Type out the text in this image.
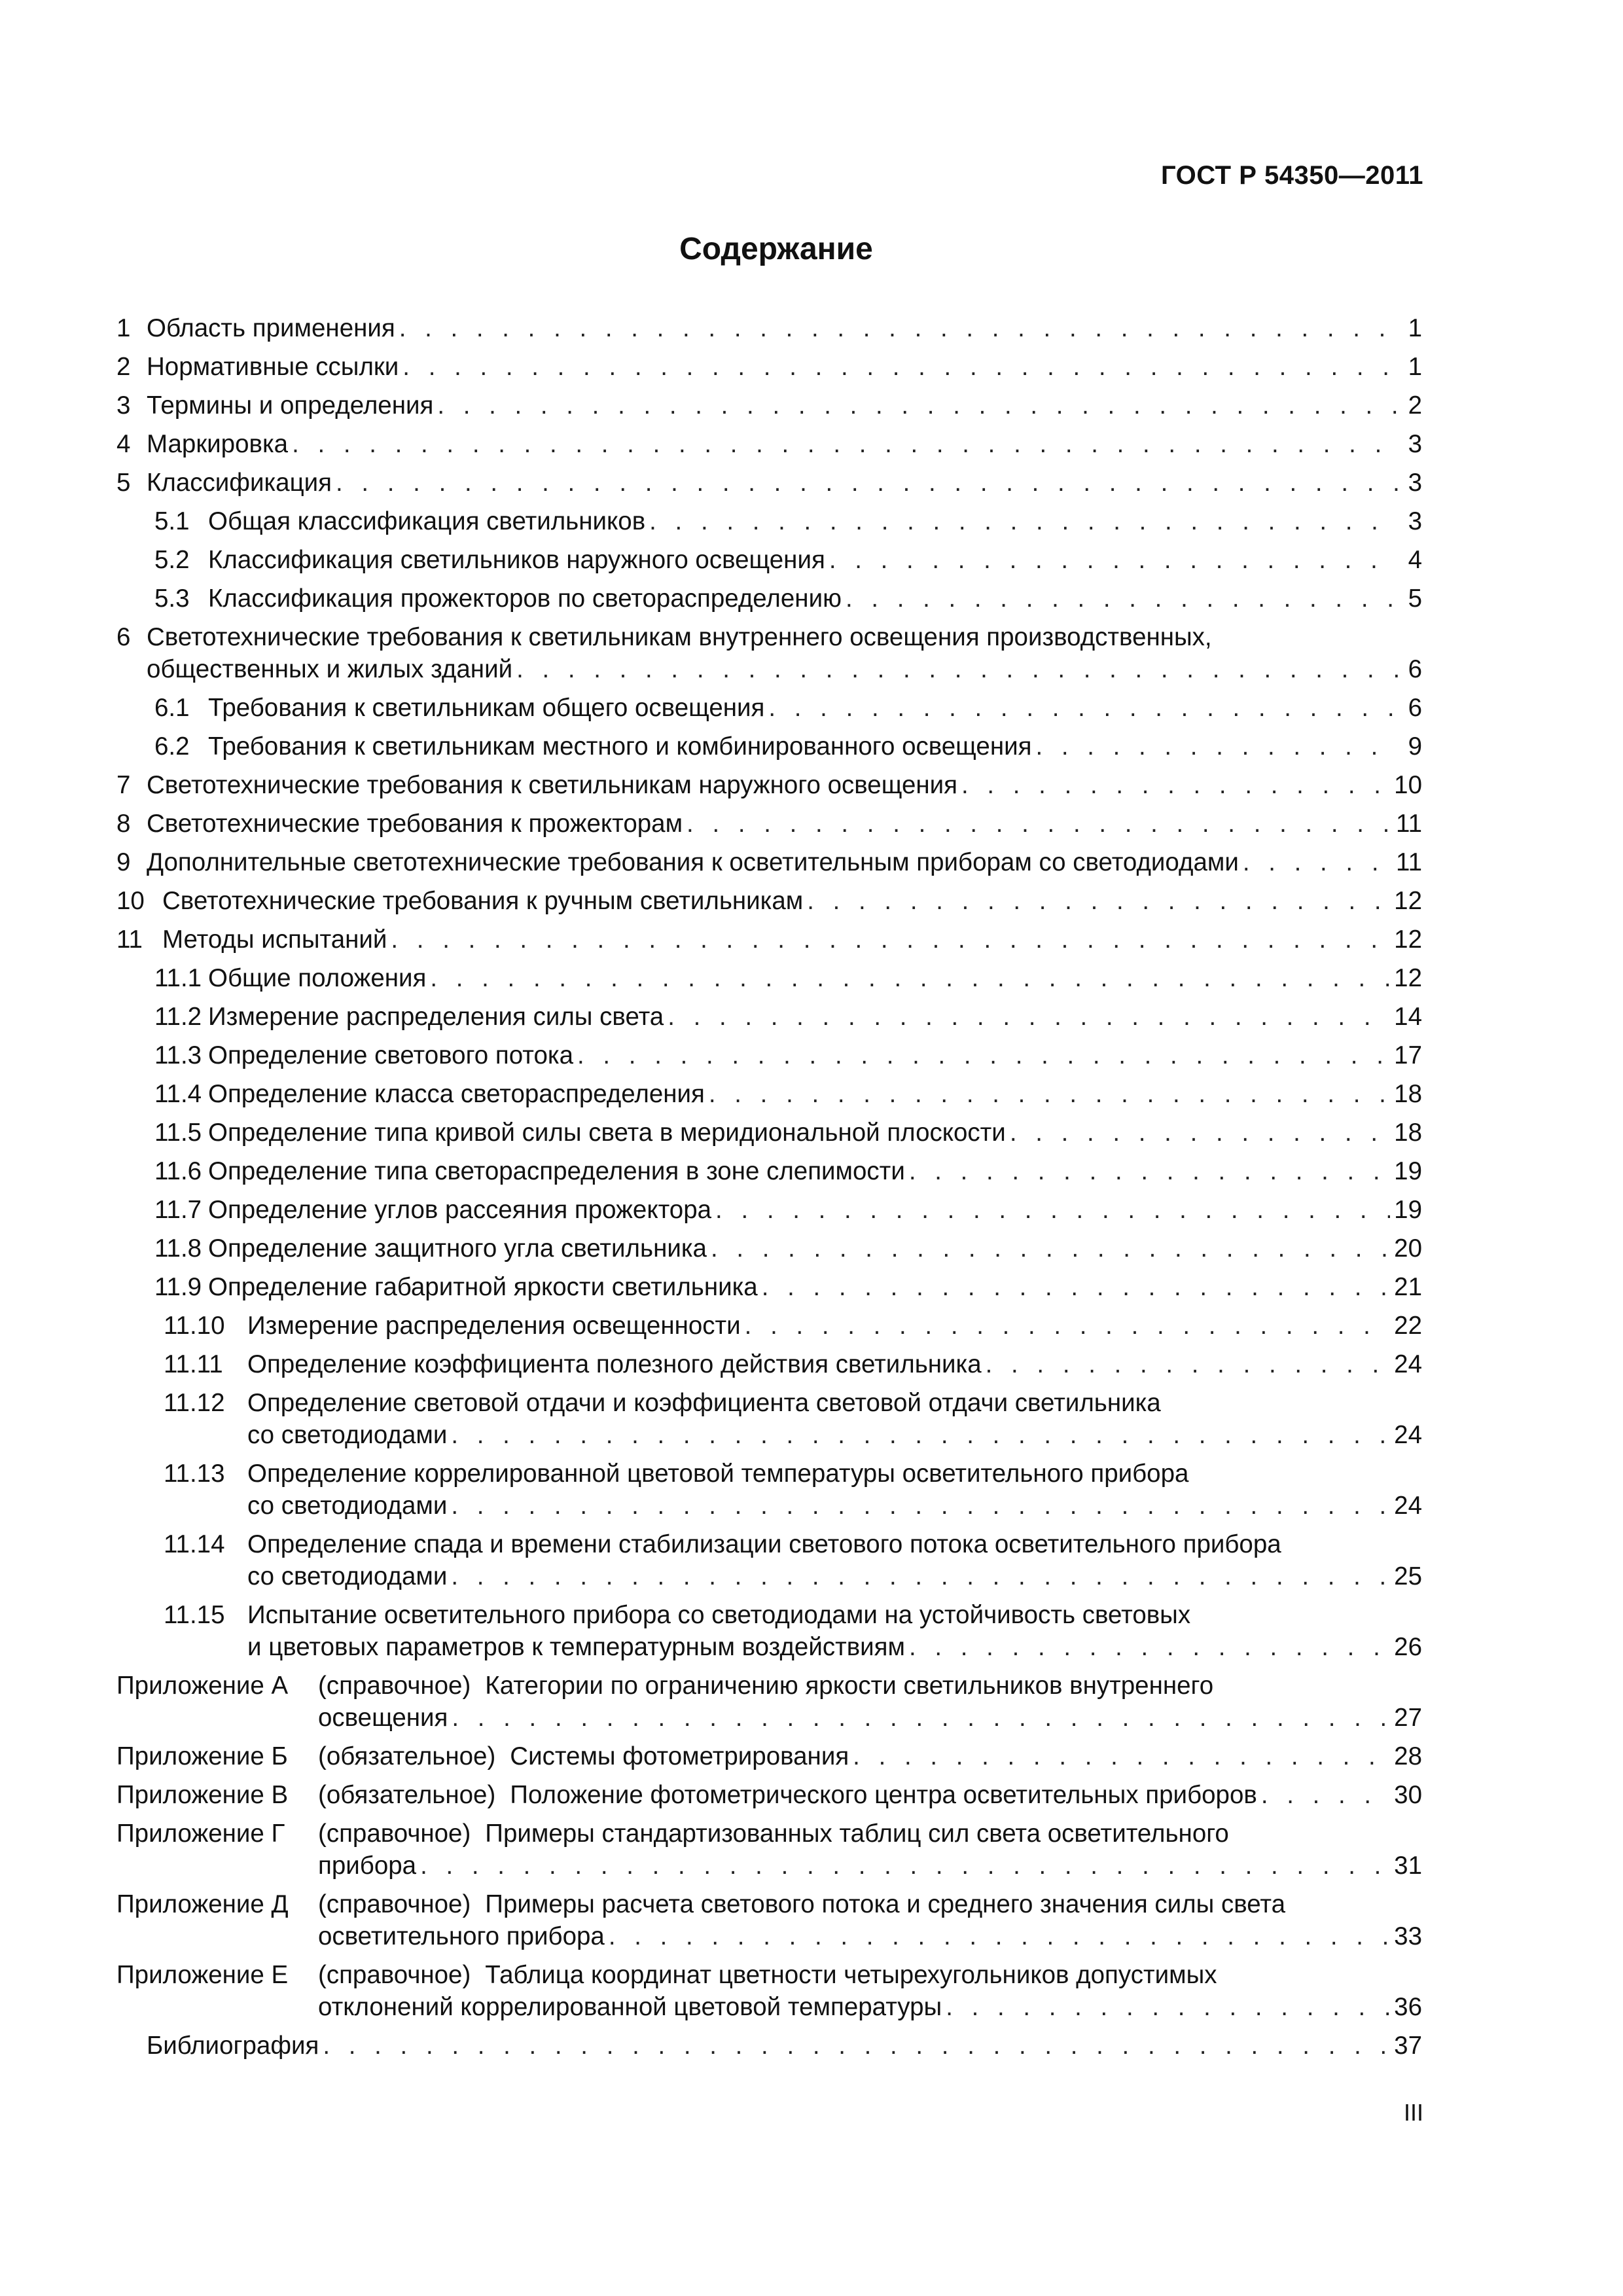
ГОСТ Р 54350—2011
Содержание
1 Область применения . . .	1
2 Нормативные ссылки . . .	1
3 Термины и определения . . .	2
4 Маркировка . . .	3
5 Классификация . . .	3
5.1 Общая классификация светильников . . .	3
5.2 Классификация светильников наружного освещения . . .	4
5.3 Классификация прожекторов по светораспределению . . .	5
6 Светотехнические требования к светильникам внутреннего освещения производственных,
общественных и жилых зданий . . .	6
6.1 Требования к светильникам общего освещения . . .	6
6.2 Требования к светильникам местного и комбинированного освещения . . .	9
7 Светотехнические требования к светильникам наружного освещения . . .	10
8 Светотехнические требования к прожекторам . . .	11
9 Дополнительные светотехнические требования к осветительным приборам со светодиодами . . .	11
10 Светотехнические требования к ручным светильникам . . .	12
11 Методы испытаний . . .	12
11.1 Общие положения . . .	12
11.2 Измерение распределения силы света . . .	14
11.3 Определение светового потока . . .	17
11.4 Определение класса светораспределения . . .	18
11.5 Определение типа кривой силы света в меридиональной плоскости . . .	18
11.6 Определение типа светораспределения в зоне слепимости . . .	19
11.7 Определение углов рассеяния прожектора . . .	19
11.8 Определение защитного угла светильника . . .	20
11.9 Определение габаритной яркости светильника . . .	21
11.10 Измерение распределения освещенности . . .	22
11.11 Определение коэффициента полезного действия светильника . . .	24
11.12 Определение световой отдачи и коэффициента световой отдачи светильника
со светодиодами . . .	24
11.13 Определение коррелированной цветовой температуры осветительного прибора
со светодиодами . . .	24
11.14 Определение спада и времени стабилизации светового потока осветительного прибора
со светодиодами . . .	25
11.15 Испытание осветительного прибора со светодиодами на устойчивость световых
и цветовых параметров к температурным воздействиям . . .	26
Приложение А	(справочное) Категории по ограничению яркости светильников внутреннего
освещения . . .	27
Приложение Б	(обязательное) Системы фотометрирования . . .	28
Приложение В	(обязательное) Положение фотометрического центра осветительных приборов . . .	30
Приложение Г	(справочное) Примеры стандартизованных таблиц сил света осветительного
прибора . . .	31
Приложение Д	(справочное) Примеры расчета светового потока и среднего значения силы света
осветительного прибора . . .	33
Приложение Е	(справочное) Таблица координат цветности четырехугольников допустимых
отклонений коррелированной цветовой температуры . . .	36
Библиография . . .	37
III
